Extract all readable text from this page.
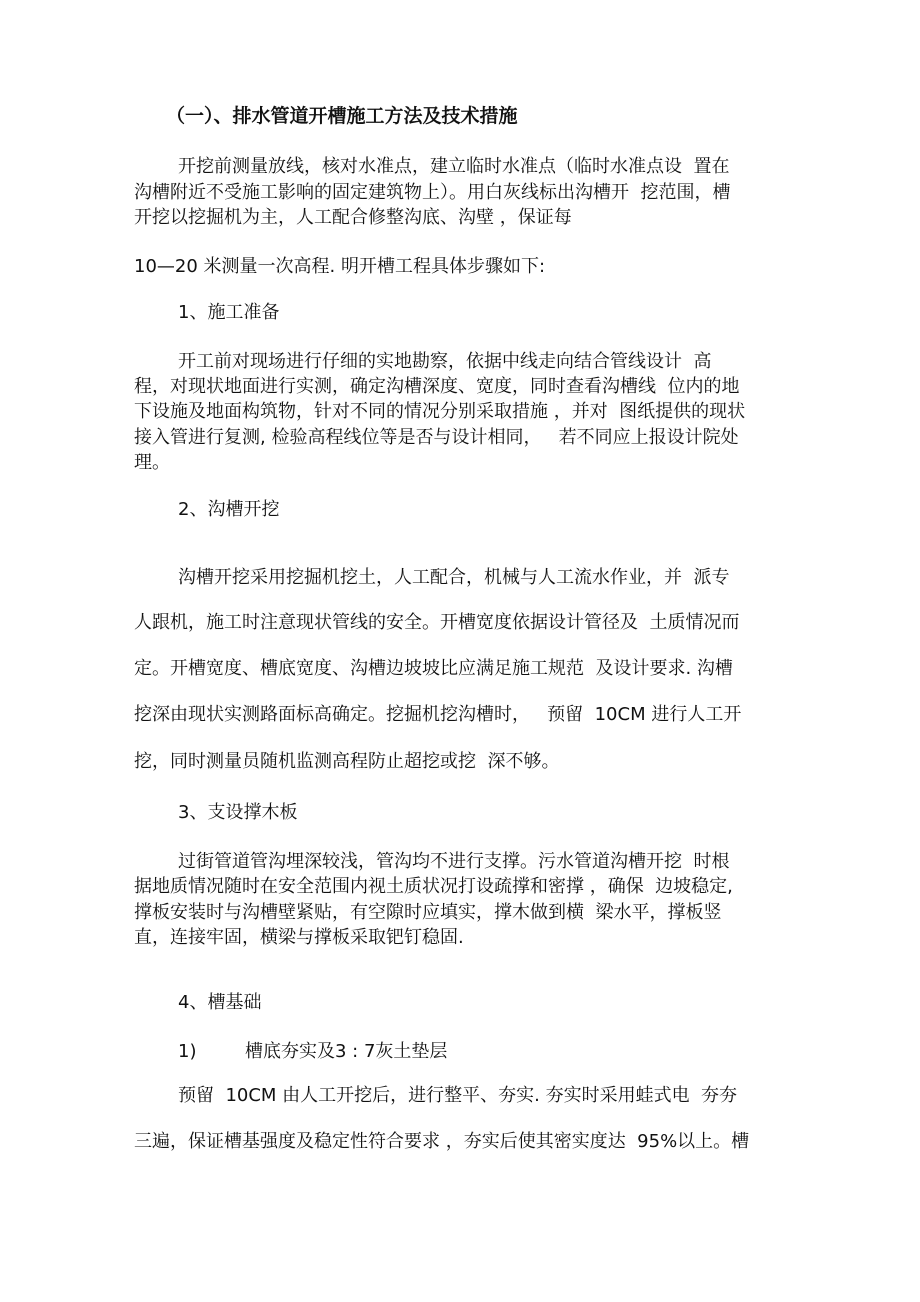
（一）、排水管道开槽施工方法及技术措施
开挖前测量放线，核对水准点，建立临时水准点（临时水准点设  置在
沟槽附近不受施工影响的固定建筑物上）。用白灰线标出沟槽开  挖范围，槽
开挖以挖掘机为主，人工配合修整沟底、沟壁 ，保证每
10—20 米测量一次高程. 明开槽工程具体步骤如下:
1、施工准备
开工前对现场进行仔细的实地勘察，依据中线走向结合管线设计  高
程，对现状地面进行实测，确定沟槽深度、宽度，同时查看沟槽线  位内的地
下设施及地面构筑物，针对不同的情况分别采取措施 ，并对  图纸提供的现状
接入管进行复测, 检验高程线位等是否与设计相同，   若不同应上报设计院处
理。
2、沟槽开挖
沟槽开挖采用挖掘机挖土，人工配合，机械与人工流水作业，并  派专
人跟机，施工时注意现状管线的安全。开槽宽度依据设计管径及  土质情况而
定。开槽宽度、槽底宽度、沟槽边坡坡比应满足施工规范  及设计要求. 沟槽
挖深由现状实测路面标高确定。挖掘机挖沟槽时，   预留  10CM 进行人工开
挖，同时测量员随机监测高程防止超挖或挖  深不够。
3、支设撑木板
过街管道管沟埋深较浅，管沟均不进行支撑。污水管道沟槽开挖  时根
据地质情况随时在安全范围内视土质状况打设疏撑和密撑 ，确保  边坡稳定,
撑板安装时与沟槽壁紧贴，有空隙时应填实，撑木做到横  梁水平，撑板竖
直，连接牢固，横梁与撑板采取钯钉稳固.
4、槽基础
1)	槽底夯实及3 : 7灰土垫层
预留  10CM 由人工开挖后，进行整平、夯实. 夯实时采用蛙式电  夯夯
三遍，保证槽基强度及稳定性符合要求 ，夯实后使其密实度达  95%以上。槽
